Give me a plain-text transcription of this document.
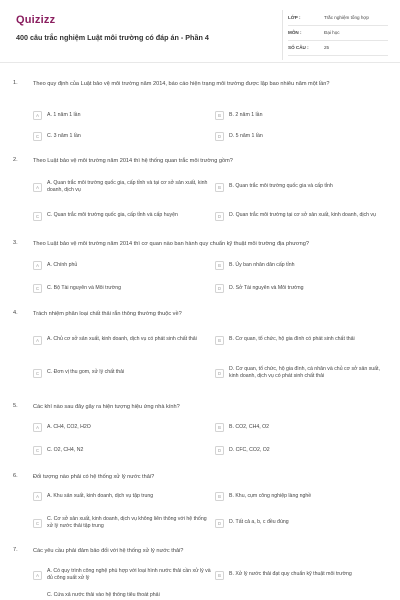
Quizizz
400 câu trắc nghiệm Luật môi trường có đáp án - Phần 4
LỚP :	Trắc nghiệm tổng hợp
MÔN :	Đại học
SỐ CÂU :	25
1.	Theo quy định của Luật bảo vệ môi trường năm 2014, báo cáo hiện trạng môi trường được lập bao nhiêu năm một lần?
A	A. 1 năm 1 lần	B	B. 2 năm 1 lần
C	C. 3 năm 1 lần	D	D. 5 năm 1 lần
2.	Theo Luật bảo vệ môi trường năm 2014 thì hệ thống quan trắc môi trường gồm?
A
A. Quan trắc môi trường quốc gia, cấp tỉnh và tại cơ sở sản xuất, kinh doanh, dịch vụ	B	B. Quan trắc môi trường quốc gia và cấp tỉnh
C	C. Quan trắc môi trường quốc gia, cấp tỉnh và cấp huyện	D	D. Quan trắc môi trường tại cơ sở sản xuất, kinh doanh, dịch vụ
3.	Theo Luật bảo vệ môi trường năm 2014 thì cơ quan nào ban hành quy chuẩn kỹ thuật môi trường địa phương?
A	A. Chính phủ	B	B. Ủy ban nhân dân cấp tỉnh
C	C. Bộ Tài nguyên và Môi trường	D	D. Sở Tài nguyên và Môi trường
4.	Trách nhiệm phân loại chất thải rắn thông thường thuộc về?
A	A. Chủ cơ sở sản xuất, kinh doanh, dịch vụ có phát sinh chất thải	B	B. Cơ quan, tổ chức, hộ gia đình có phát sinh chất thải
C	C. Đơn vị thu gom, xử lý chất thải	D
D. Cơ quan, tổ chức, hộ gia đình, cá nhân và chủ cơ sở sản xuất, kinh doanh, dịch vụ có phát sinh chất thải
5.	Các khí nào sau đây gây ra hiện tượng hiệu ứng nhà kính?
A	A. CH4, CO2, H2O	B	B. CO2, CH4, O2
C	C. O2, CH4, N2	D	D. CFC, CO2, O2
6.	Đối tượng nào phải có hệ thống xử lý nước thải?
A	A. Khu sản xuất, kinh doanh, dịch vụ tập trung	B	B. Khu, cụm công nghiệp làng nghề
C
C. Cơ sở sản xuất, kinh doanh, dịch vụ không liên thông với hệ thống xử lý nước thải tập trung	D	D. Tất cả a, b, c đều đúng
7.	Các yêu cầu phải đảm bảo đối với hệ thống xử lý nước thải?
A
A. Có quy trình công nghệ phù hợp với loại hình nước thải cần xử lý và đủ công suất xử lý	B	B. Xử lý nước thải đạt quy chuẩn kỹ thuật môi trường
C. Cửa xả nước thải vào hệ thống tiêu thoát phải
